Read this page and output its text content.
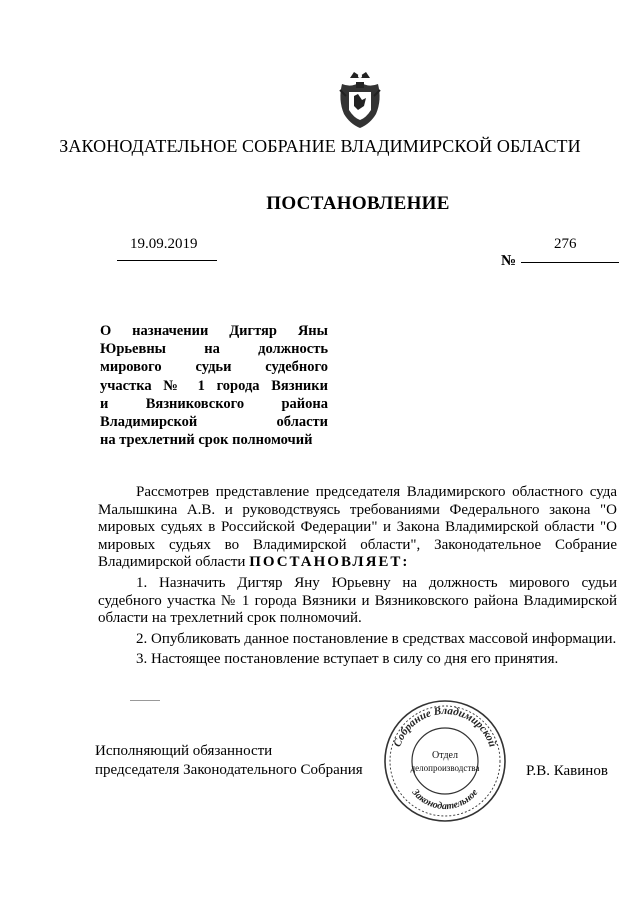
ЗАКОНОДАТЕЛЬНОЕ СОБРАНИЕ ВЛАДИМИРСКОЙ ОБЛАСТИ
ПОСТАНОВЛЕНИЕ
19.09.2019	276
№
О назначении Дигтяр Яны
Юрьевны на должность
мирового судьи судебного
участка № 1 города Вязники
и Вязниковского района
Владимирской области
на трехлетний срок полномочий

Рассмотрев представление председателя Владимирского областного суда Малышкина А.В. и руководствуясь требованиями Федерального закона "О мировых судьях в Российской Федерации" и Закона Владимирской области "О мировых судьях во Владимирской области", Законодательное Собрание Владимирской области ПОСТАНОВЛЯЕТ:

1. Назначить Дигтяр Яну Юрьевну на должность мирового судьи судебного участка № 1 города Вязники и Вязниковского района Владимирской области на трехлетний срок полномочий.

2. Опубликовать данное постановление в средствах массовой информации.

3. Настоящее постановление вступает в силу со дня его принятия.

Исполняющий обязанности
председателя Законодательного Собрания
Собрание Владимирской
Законодательное
Отдел
делопроизводства	Р.В. Кавинов
